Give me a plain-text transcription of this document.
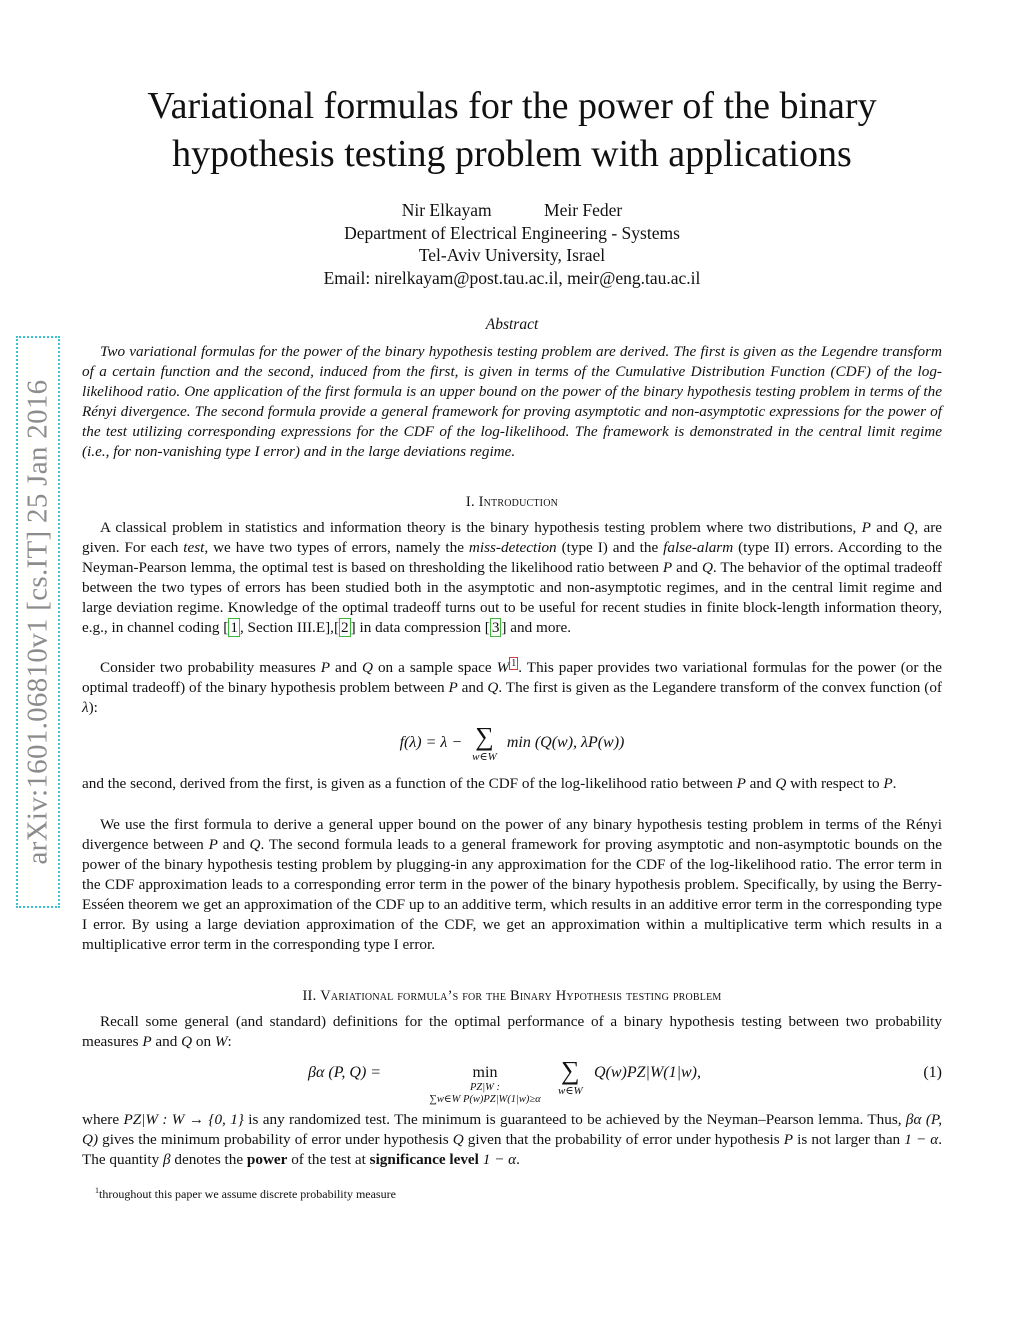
arXiv:1601.06810v1 [cs.IT] 25 Jan 2016
Variational formulas for the power of the binary
hypothesis testing problem with applications
Nir Elkayam	Meir Feder
Department of Electrical Engineering - Systems
Tel-Aviv University, Israel
Email: nirelkayam@post.tau.ac.il, meir@eng.tau.ac.il
Abstract

Two variational formulas for the power of the binary hypothesis testing problem are derived. The first is given as the Legendre transform of a certain function and the second, induced from the first, is given in terms of the Cumulative Distribution Function (CDF) of the log-likelihood ratio. One application of the first formula is an upper bound on the power of the binary hypothesis testing problem in terms of the Rényi divergence. The second formula provide a general framework for proving asymptotic and non-asymptotic expressions for the power of the test utilizing corresponding expressions for the CDF of the log-likelihood. The framework is demonstrated in the central limit regime (i.e., for non-vanishing type I error) and in the large deviations regime.

I. Introduction

A classical problem in statistics and information theory is the binary hypothesis testing problem where two distributions, P and Q, are given. For each test, we have two types of errors, namely the miss-detection (type I) and the false-alarm (type II) errors. According to the Neyman-Pearson lemma, the optimal test is based on thresholding the likelihood ratio between P and Q. The behavior of the optimal tradeoff between the two types of errors has been studied both in the asymptotic and non-asymptotic regimes, and in the central limit regime and large deviation regime. Knowledge of the optimal tradeoff turns out to be useful for recent studies in finite block-length information theory, e.g., in channel coding [ 1 , Section III.E],[ 2 ] in data compression [ 3 ] and more.

Consider two probability measures P and Q on a sample space W $^1$ . This paper provides two variational formulas for the power (or the optimal tradeoff) of the binary hypothesis problem between P and Q. The first is given as the Legandere transform of the convex function (of λ):

f(λ) = λ − ∑
w∈W
min (Q(w), λP(w))

and the second, derived from the first, is given as a function of the CDF of the log-likelihood ratio between P and Q with respect to P.

We use the first formula to derive a general upper bound on the power of any binary hypothesis testing problem in terms of the Rényi divergence between P and Q. The second formula leads to a general framework for proving asymptotic and non-asymptotic bounds on the power of the binary hypothesis testing problem by plugging-in any approximation for the CDF of the log-likelihood ratio. The error term in the CDF approximation leads to a corresponding error term in the power of the binary hypothesis problem. Specifically, by using the Berry-Esséen theorem we get an approximation of the CDF up to an additive term, which results in an additive error term in the corresponding type I error. By using a large deviation approximation of the CDF, we get an approximation within a multiplicative term which results in a multiplicative error term in the corresponding type I error.

II. Variational formula’s for the Binary Hypothesis testing problem

Recall some general (and standard) definitions for the optimal performance of a binary hypothesis testing between two probability measures P and Q on W:

βα (P, Q) =	min
PZ|W :
∑w∈W P(w)PZ|W(1|w)≥α
∑
w∈W
Q(w)PZ|W(1|w),	(1)

where PZ|W : W → {0, 1} is any randomized test. The minimum is guaranteed to be achieved by the Neyman–Pearson lemma. Thus, βα (P, Q) gives the minimum probability of error under hypothesis Q given that the probability of error under hypothesis P is not larger than 1 − α. The quantity β denotes the power of the test at significance level 1 − α.

$^1$throughout this paper we assume discrete probability measure
